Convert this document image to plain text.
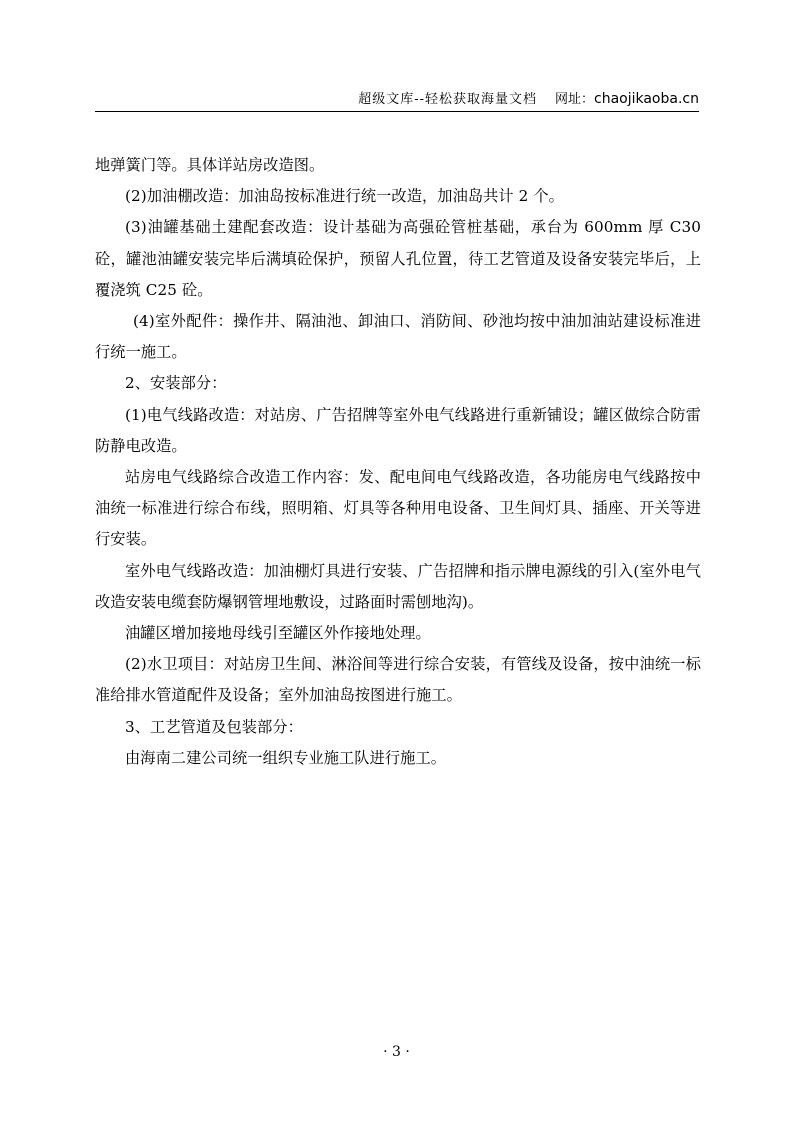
超级文库--轻松获取海量文档 网址：chaojikaoba.cn

地弹簧门等。具体详站房改造图。

(2)加油棚改造：加油岛按标准进行统一改造，加油岛共计 2 个。

(3)油罐基础土建配套改造：设计基础为高强砼管桩基础，承台为 600mm 厚 C30 砼，罐池油罐安装完毕后满填砼保护，预留人孔位置，待工艺管道及设备安装完毕后，上覆浇筑 C25 砼。

(4)室外配件：操作井、隔油池、卸油口、消防间、砂池均按中油加油站建设标准进行统一施工。

2、安装部分：

(1)电气线路改造：对站房、广告招牌等室外电气线路进行重新铺设；罐区做综合防雷防静电改造。

站房电气线路综合改造工作内容：发、配电间电气线路改造，各功能房电气线路按中油统一标准进行综合布线，照明箱、灯具等各种用电设备、卫生间灯具、插座、开关等进行安装。

室外电气线路改造：加油棚灯具进行安装、广告招牌和指示牌电源线的引入(室外电气改造安装电缆套防爆钢管埋地敷设，过路面时需刨地沟)。

油罐区增加接地母线引至罐区外作接地处理。

(2)水卫项目：对站房卫生间、淋浴间等进行综合安装，有管线及设备，按中油统一标准给排水管道配件及设备；室外加油岛按图进行施工。

3、工艺管道及包装部分：

由海南二建公司统一组织专业施工队进行施工。

· 3 ·
